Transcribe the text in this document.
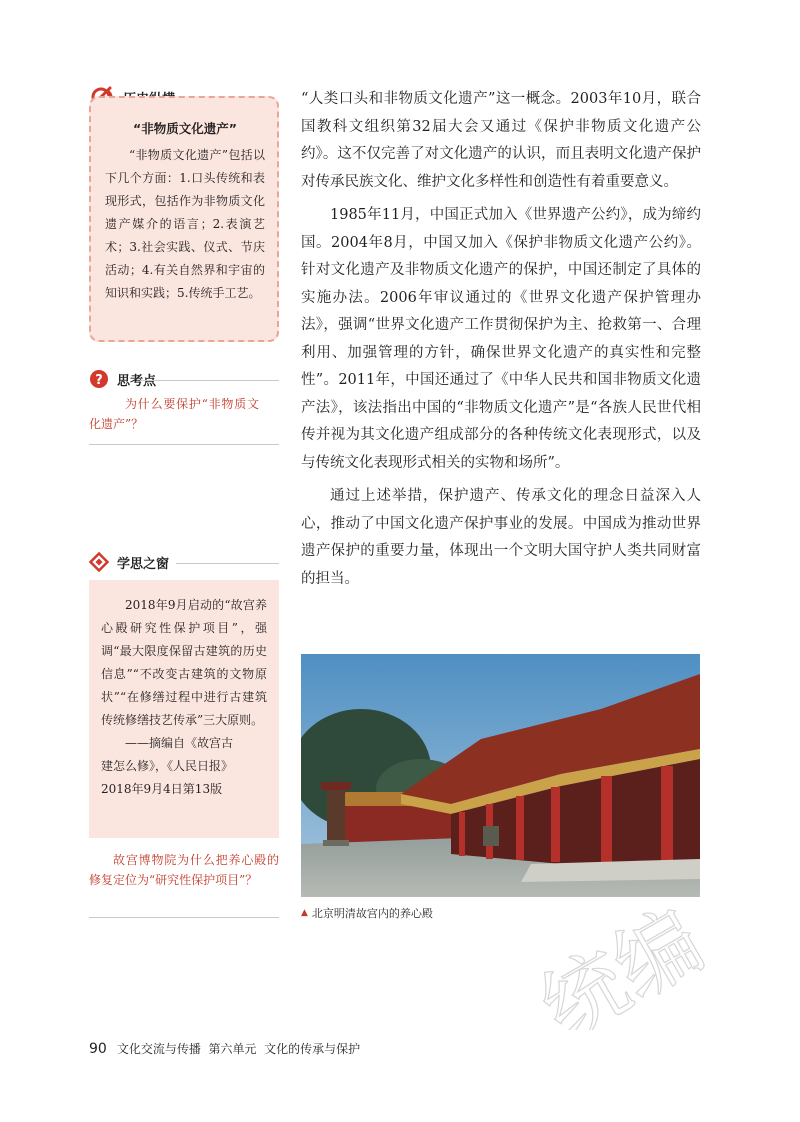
“非物质文化遗产”
“非物质文化遗产”包括以下几个方面：1.口头传统和表现形式，包括作为非物质文化遗产媒介的语言；2.表演艺术；3.社会实践、仪式、节庆活动；4.有关自然界和宇宙的知识和实践；5.传统手工艺。
? 思考点
为什么要保护“非物质文化遗产”？
学思之窗
2018年9月启动的“故宫养心殿研究性保护项目”，强调“最大限度保留古建筑的历史信息”“不改变古建筑的文物原状”“在修缮过程中进行古建筑传统修缮技艺传承”三大原则。
——摘编自《故宫古
建怎么修》，《人民日报》
2018年9月4日第13版
故宫博物院为什么把养心殿的修复定位为“研究性保护项目”？

“人类口头和非物质文化遗产”这一概念。2003年10月，联合国教科文组织第32届大会又通过《保护非物质文化遗产公约》。这不仅完善了对文化遗产的认识，而且表明文化遗产保护对传承民族文化、维护文化多样性和创造性有着重要意义。

1985年11月，中国正式加入《世界遗产公约》，成为缔约国。2004年8月，中国又加入《保护非物质文化遗产公约》。针对文化遗产及非物质文化遗产的保护，中国还制定了具体的实施办法。2006年审议通过的《世界文化遗产保护管理办法》，强调“世界文化遗产工作贯彻保护为主、抢救第一、合理利用、加强管理的方针，确保世界文化遗产的真实性和完整性”。2011年，中国还通过了《中华人民共和国非物质文化遗产法》，该法指出中国的“非物质文化遗产”是“各族人民世代相传并视为其文化遗产组成部分的各种传统文化表现形式，以及与传统文化表现形式相关的实物和场所”。

通过上述举措，保护遗产、传承文化的理念日益深入人心，推动了中国文化遗产保护事业的发展。中国成为推动世界遗产保护的重要力量，体现出一个文明大国守护人类共同财富的担当。

▲ 北京明清故宫内的养心殿 统编
90 文化交流与传播
第六单元
文化的传承与保护
